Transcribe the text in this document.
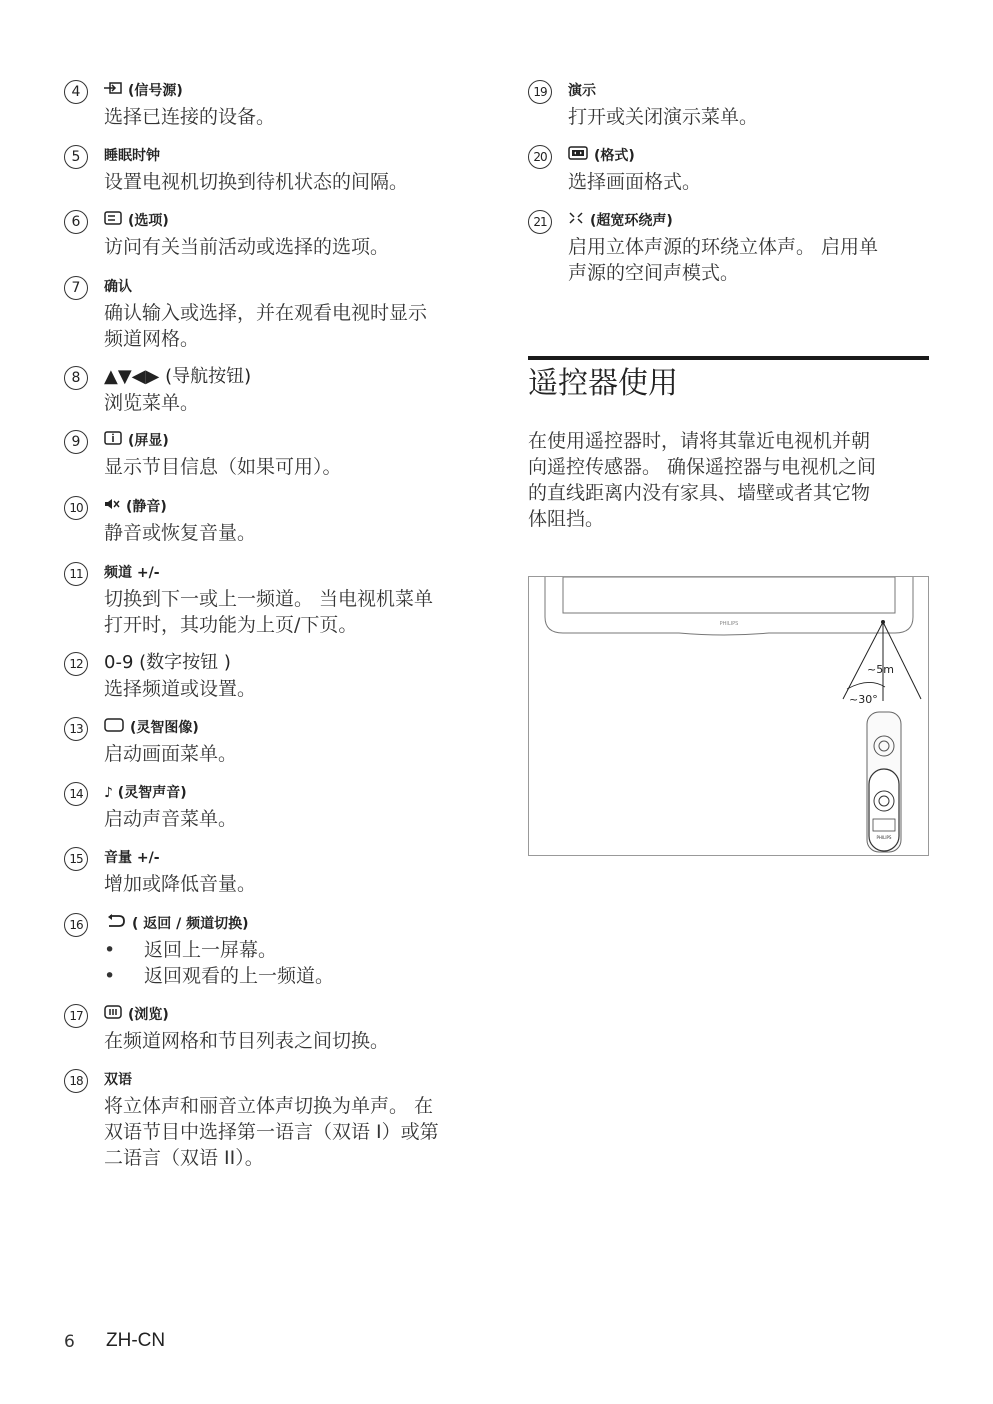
遥控器使用
在使用遥控器时，请将其靠近电视机并朝
向遥控传感器。 确保遥控器与电视机之间
的直线距离内没有家具、墙壁或者其它物
体阻挡。
PHILIPS
~5m
~30°
PHILIPS
6 ZH-CN
4	(信号源)
选择已连接的设备。
5	睡眠时钟
设置电视机切换到待机状态的间隔。
6	(选项)
访问有关当前活动或选择的选项。
7	确认
确认输入或选择，并在观看电视时显示
频道网格。
8	▲▼◀▶ (导航按钮)
浏览菜单。
9	(屏显)
显示节目信息（如果可用）。
10	(静音)
静音或恢复音量。
11	频道 +/-
切换到下一或上一频道。 当电视机菜单
打开时，其功能为上页/下页。
12 0-9 (数字按钮 )
选择频道或设置。
13	(灵智图像)
启动画面菜单。
14	♪ (灵智声音)
启动声音菜单。
15	音量 +/-
增加或降低音量。
16	( 返回 / 频道切换)
• 返回上一屏幕。
• 返回观看的上一频道。
17	(浏览)
在频道网格和节目列表之间切换。
18	双语
将立体声和丽音立体声切换为单声。 在
双语节目中选择第一语言（双语 I）或第
二语言（双语 II）。
19	演示
打开或关闭演示菜单。
20	(格式)
选择画面格式。
21	(超宽环绕声)
启用立体声源的环绕立体声。 启用单
声源的空间声模式。
